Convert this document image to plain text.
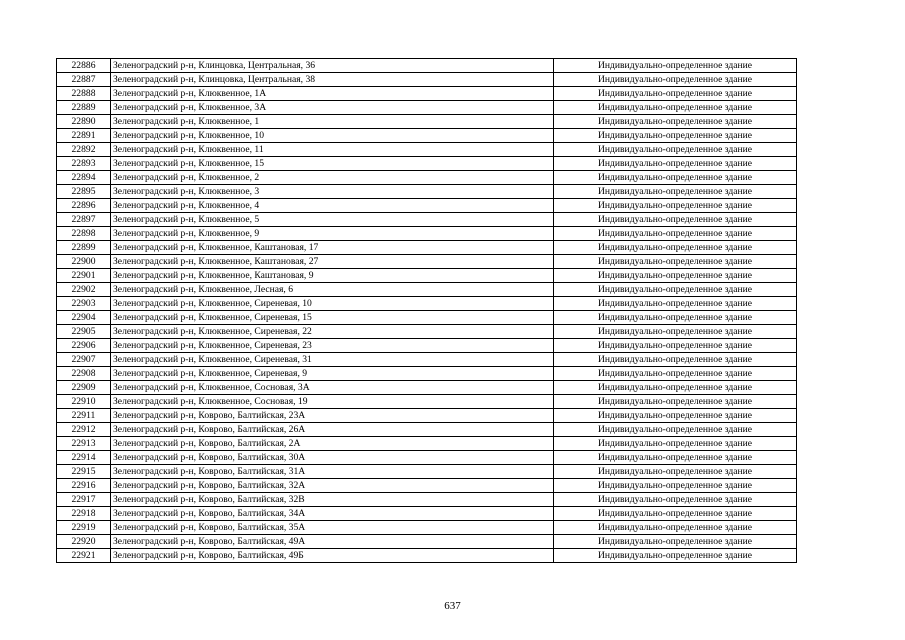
22886	Зеленоградский р-н, Клинцовка, Центральная, 36	Индивидуально-определенное здание
22887	Зеленоградский р-н, Клинцовка, Центральная, 38	Индивидуально-определенное здание
22888	Зеленоградский р-н, Клюквенное, 1А	Индивидуально-определенное здание
22889	Зеленоградский р-н, Клюквенное, 3А	Индивидуально-определенное здание
22890	Зеленоградский р-н, Клюквенное, 1	Индивидуально-определенное здание
22891	Зеленоградский р-н, Клюквенное, 10	Индивидуально-определенное здание
22892	Зеленоградский р-н, Клюквенное, 11	Индивидуально-определенное здание
22893	Зеленоградский р-н, Клюквенное, 15	Индивидуально-определенное здание
22894	Зеленоградский р-н, Клюквенное, 2	Индивидуально-определенное здание
22895	Зеленоградский р-н, Клюквенное, 3	Индивидуально-определенное здание
22896	Зеленоградский р-н, Клюквенное, 4	Индивидуально-определенное здание
22897	Зеленоградский р-н, Клюквенное, 5	Индивидуально-определенное здание
22898	Зеленоградский р-н, Клюквенное, 9	Индивидуально-определенное здание
22899	Зеленоградский р-н, Клюквенное, Каштановая, 17	Индивидуально-определенное здание
22900	Зеленоградский р-н, Клюквенное, Каштановая, 27	Индивидуально-определенное здание
22901	Зеленоградский р-н, Клюквенное, Каштановая, 9	Индивидуально-определенное здание
22902	Зеленоградский р-н, Клюквенное, Лесная, 6	Индивидуально-определенное здание
22903	Зеленоградский р-н, Клюквенное, Сиреневая, 10	Индивидуально-определенное здание
22904	Зеленоградский р-н, Клюквенное, Сиреневая, 15	Индивидуально-определенное здание
22905	Зеленоградский р-н, Клюквенное, Сиреневая, 22	Индивидуально-определенное здание
22906	Зеленоградский р-н, Клюквенное, Сиреневая, 23	Индивидуально-определенное здание
22907	Зеленоградский р-н, Клюквенное, Сиреневая, 31	Индивидуально-определенное здание
22908	Зеленоградский р-н, Клюквенное, Сиреневая, 9	Индивидуально-определенное здание
22909	Зеленоградский р-н, Клюквенное, Сосновая, 3А	Индивидуально-определенное здание
22910	Зеленоградский р-н, Клюквенное, Сосновая, 19	Индивидуально-определенное здание
22911	Зеленоградский р-н, Коврово, Балтийская, 23А	Индивидуально-определенное здание
22912	Зеленоградский р-н, Коврово, Балтийская, 26А	Индивидуально-определенное здание
22913	Зеленоградский р-н, Коврово, Балтийская, 2А	Индивидуально-определенное здание
22914	Зеленоградский р-н, Коврово, Балтийская, 30А	Индивидуально-определенное здание
22915	Зеленоградский р-н, Коврово, Балтийская, 31А	Индивидуально-определенное здание
22916	Зеленоградский р-н, Коврово, Балтийская, 32А	Индивидуально-определенное здание
22917	Зеленоградский р-н, Коврово, Балтийская, 32В	Индивидуально-определенное здание
22918	Зеленоградский р-н, Коврово, Балтийская, 34А	Индивидуально-определенное здание
22919	Зеленоградский р-н, Коврово, Балтийская, 35А	Индивидуально-определенное здание
22920	Зеленоградский р-н, Коврово, Балтийская, 49А	Индивидуально-определенное здание
22921	Зеленоградский р-н, Коврово, Балтийская, 49Б	Индивидуально-определенное здание
637
